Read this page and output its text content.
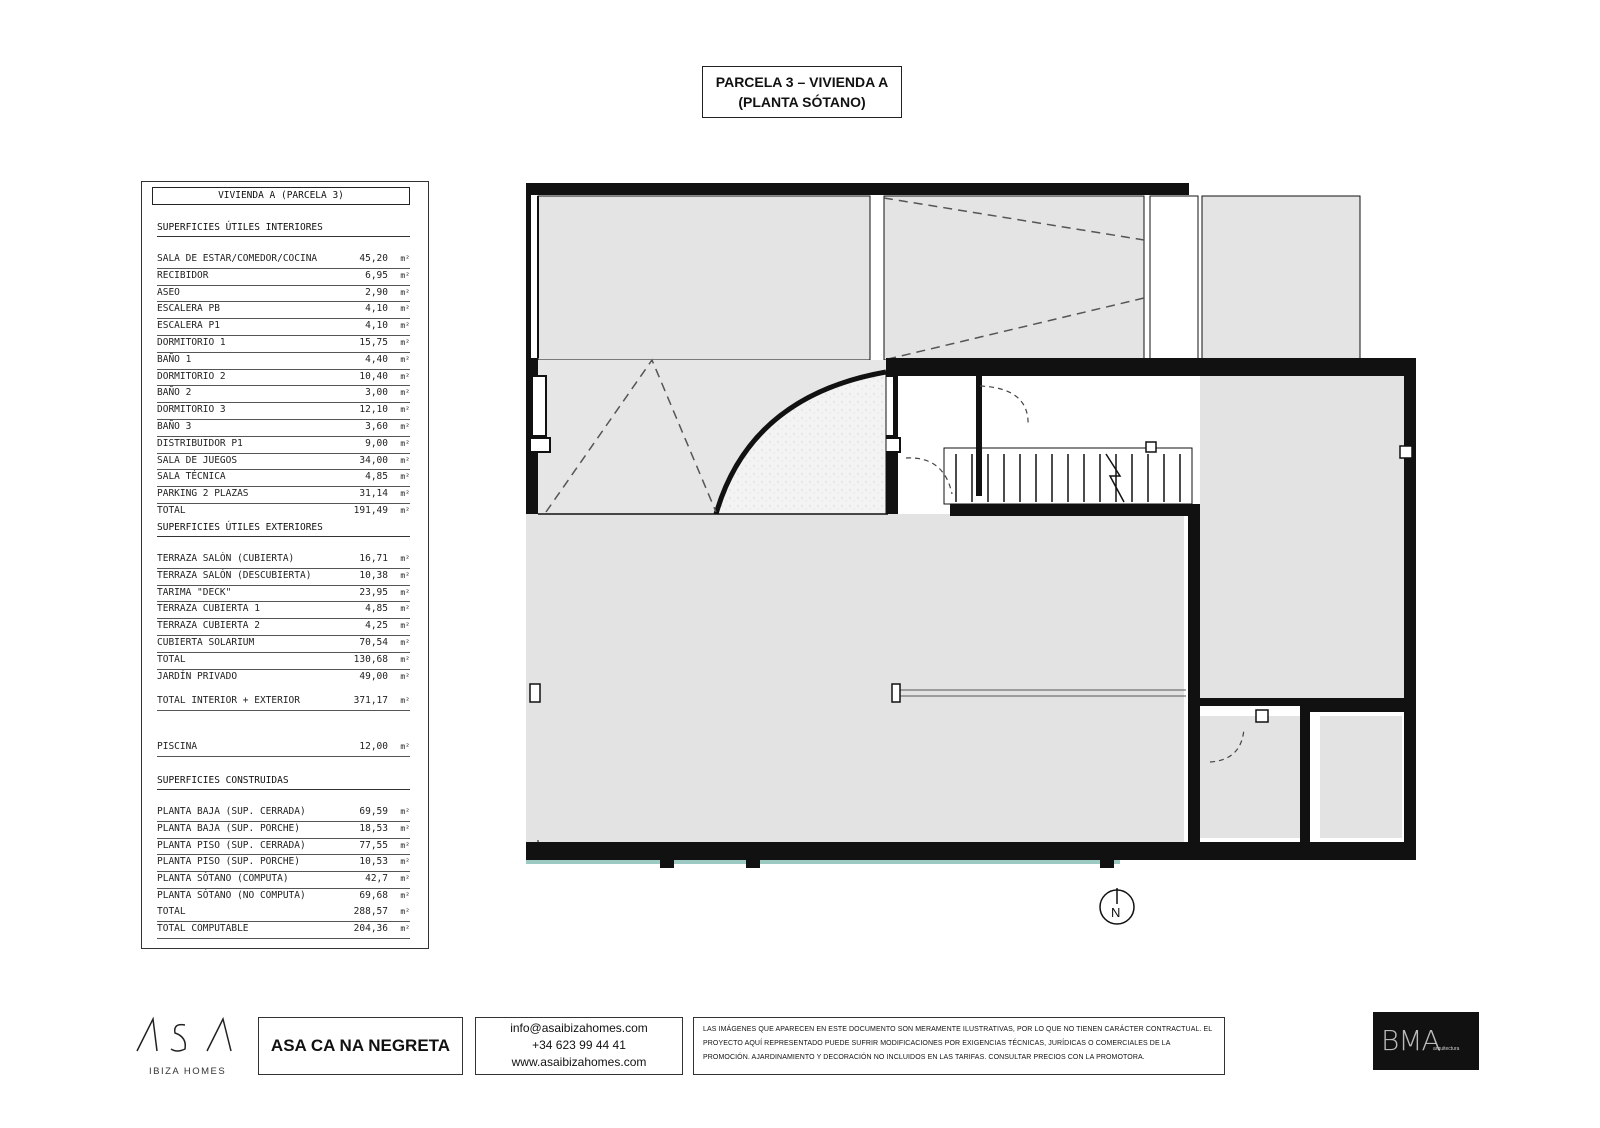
PARCELA 3 – VIVIENDA A
(PLANTA SÓTANO)
VIVIENDA A (PARCELA 3)
SUPERFICIES ÚTILES INTERIORES
SALA DE ESTAR/COMEDOR/COCINA	45,20	m²
RECIBIDOR	6,95	m²
ASEO	2,90	m²
ESCALERA PB	4,10	m²
ESCALERA P1	4,10	m²
DORMITORIO 1	15,75	m²
BAÑO 1	4,40	m²
DORMITORIO 2	10,40	m²
BAÑO 2	3,00	m²
DORMITORIO 3	12,10	m²
BAÑO 3	3,60	m²
DISTRIBUIDOR P1	9,00	m²
SALA DE JUEGOS	34,00	m²
SALA TÉCNICA	4,85	m²
PARKING 2 PLAZAS	31,14	m²
TOTAL	191,49	m²
SUPERFICIES ÚTILES EXTERIORES
TERRAZA SALÓN (CUBIERTA)	16,71	m²
TERRAZA SALÓN (DESCUBIERTA)	10,38	m²
TARIMA "DECK"	23,95	m²
TERRAZA CUBIERTA 1	4,85	m²
TERRAZA CUBIERTA 2	4,25	m²
CUBIERTA SOLARIUM	70,54	m²
TOTAL	130,68	m²
JARDÍN PRIVADO	49,00	m²
TOTAL INTERIOR + EXTERIOR	371,17	m²
PISCINA	12,00	m²
SUPERFICIES CONSTRUIDAS
PLANTA BAJA (SUP. CERRADA)	69,59	m²
PLANTA BAJA (SUP. PORCHE)	18,53	m²
PLANTA PISO (SUP. CERRADA)	77,55	m²
PLANTA PISO (SUP. PORCHE)	10,53	m²
PLANTA SÓTANO (COMPUTA)	42,7	m²
PLANTA SÓTANO (NO COMPUTA)	69,68	m²
TOTAL	288,57	m²
TOTAL COMPUTABLE	204,36	m²
N
IBIZA HOMES
ASA CA NA NEGRETA
info@asaibizahomes.com
+34 623 99 44 41
www.asaibizahomes.com
LAS IMÁGENES QUE APARECEN EN ESTE DOCUMENTO SON MERAMENTE ILUSTRATIVAS, POR LO QUE NO TIENEN CARÁCTER CONTRACTUAL. EL PROYECTO AQUÍ REPRESENTADO PUEDE SUFRIR MODIFICACIONES POR EXIGENCIAS TÉCNICAS, JURÍDICAS O COMERCIALES DE LA PROMOCIÓN. AJARDINAMIENTO Y DECORACIÓN NO INCLUIDOS EN LAS TARIFAS. CONSULTAR PRECIOS CON LA PROMOTORA.
BMA
arquitectura
